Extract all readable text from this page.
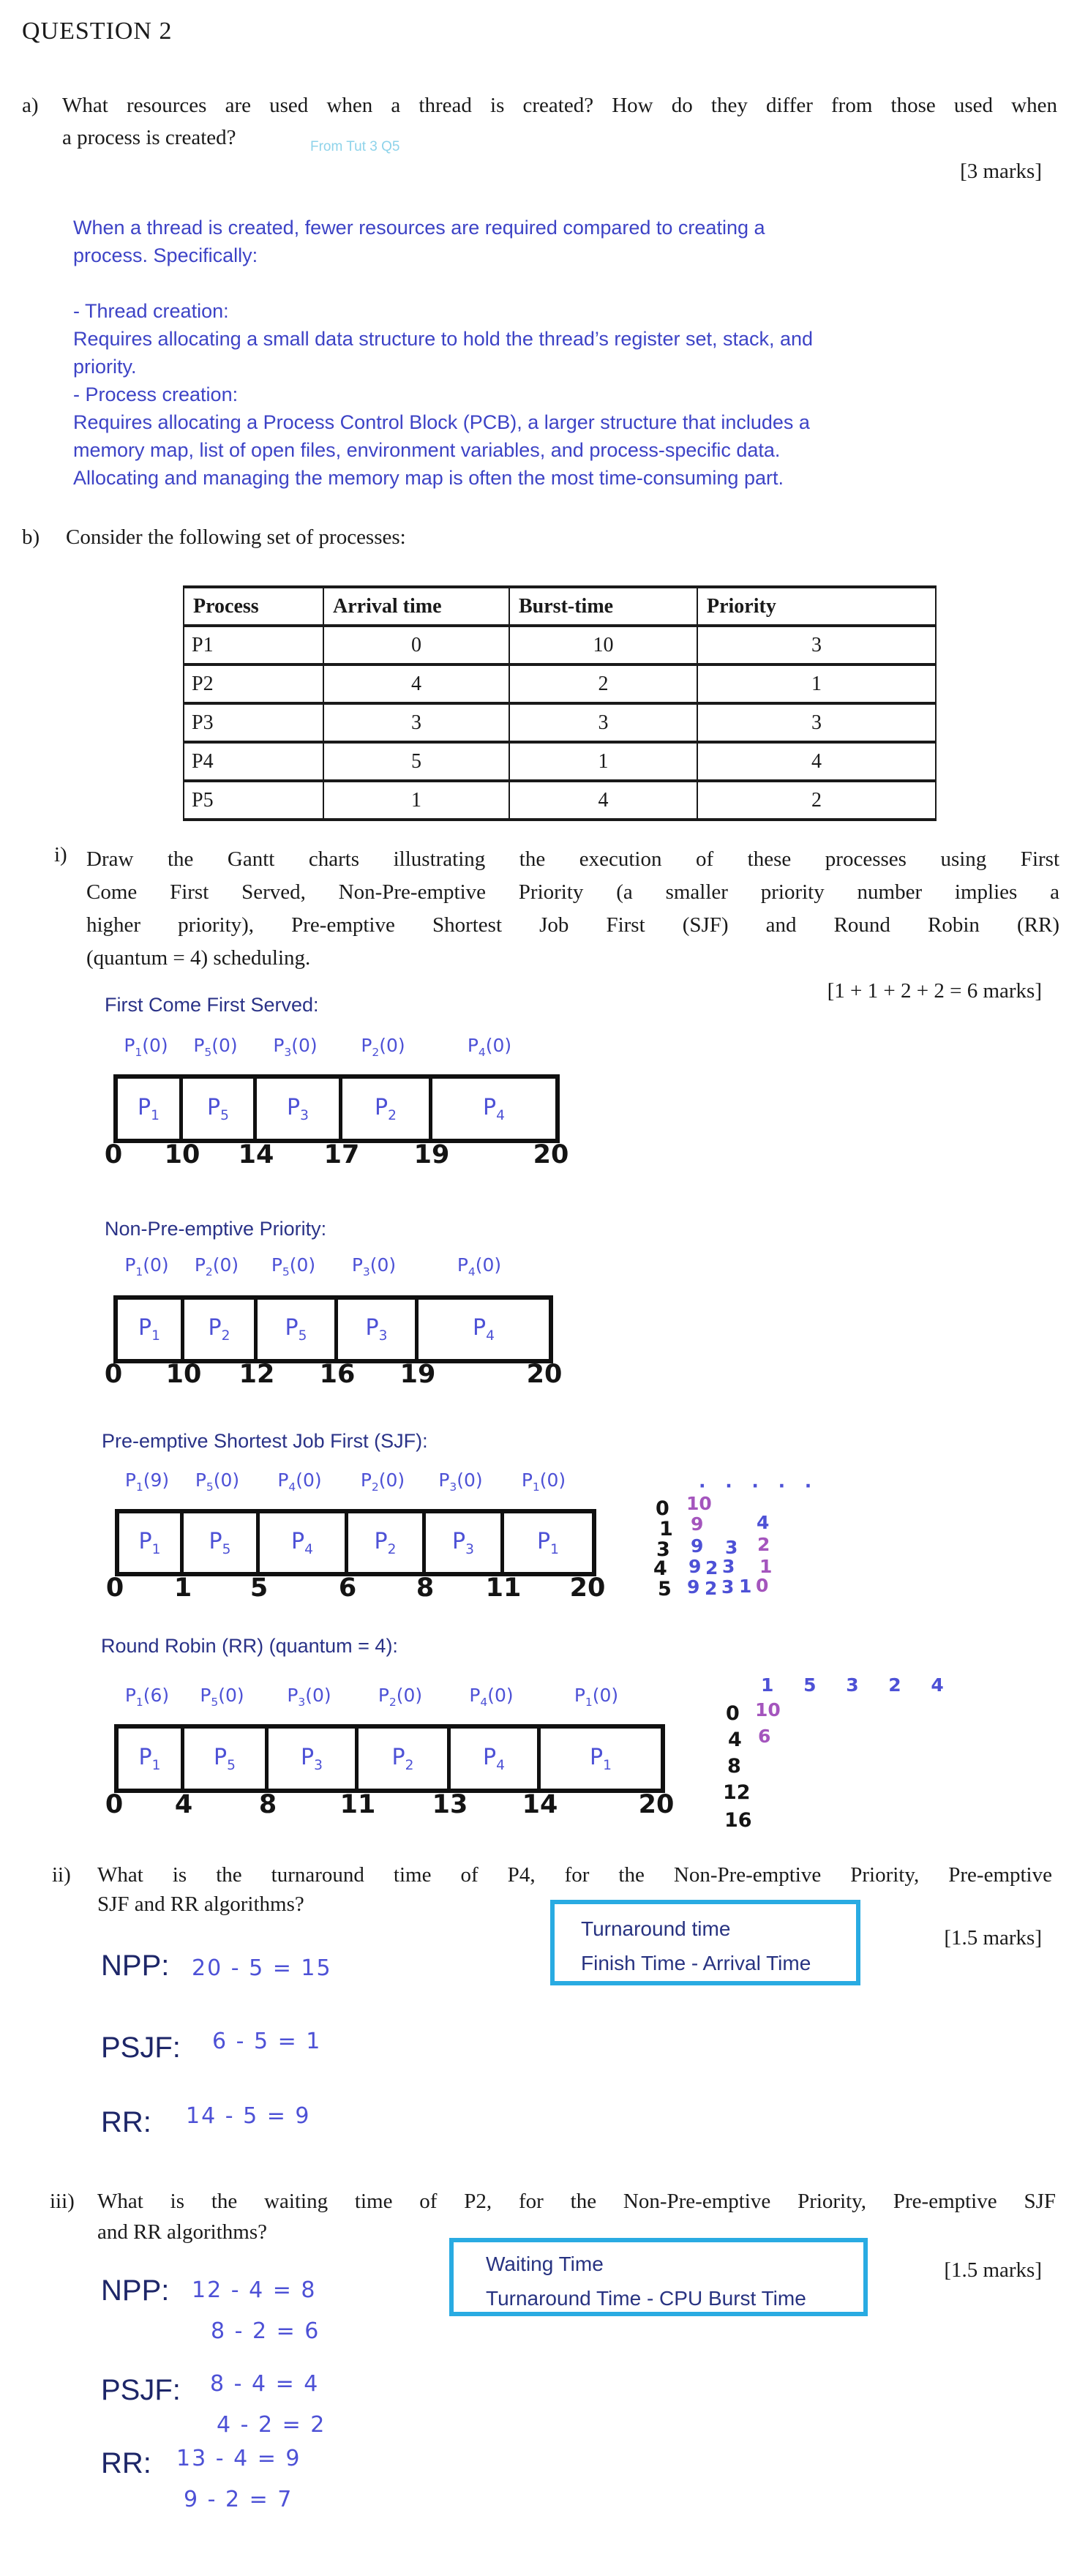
QUESTION 2
a) What resources are used when a thread is created? How do they differ from those used when
a process is created?	From Tut 3 Q5
[3 marks]
When a thread is created, fewer resources are required compared to creating a
process. Specifically:
- Thread creation:
Requires allocating a small data structure to hold the thread’s register set, stack, and
priority.
- Process creation:
Requires allocating a Process Control Block (PCB), a larger structure that includes a
memory map, list of open files, environment variables, and process-specific data.
Allocating and managing the memory map is often the most time-consuming part.
b) Consider the following set of processes:
Process	Arrival time	Burst-time	Priority
P1	0	10	3
P2	4	2	1
P3	3	3	3
P4	5	1	4
P5	1	4	2
i) Draw the Gantt charts illustrating the execution of these processes using First
Come First Served, Non-Pre-emptive Priority (a smaller priority number implies a
higher priority), Pre-emptive Shortest Job First (SJF) and Round Robin (RR)
(quantum = 4) scheduling.
[1 + 1 + 2 + 2 = 6 marks]
First Come First Served:
$P_1(0)$	$P_5(0)$	$P_3(0)$	$P_2(0)$	$P_4(0)$
$P_1$ $P_5$	$P_3$	$P_2$	$P_4$
0 10 14 17 19	20
Non-Pre-emptive Priority:
$P_1(0)$	$P_2(0)$	$P_5(0)$	$P_3(0)$	$P_4(0)$
$P_1$ $P_2$	$P_5$	$P_3$	$P_4$
0 10 12 16 19	20
Pre-emptive Shortest Job First (SJF):
$P_1(9)$	$P_5(0)$	$P_4(0)$	$P_2(0)$	$P_3(0)$	$P_1(0)$
$P_1$ $P_5$	$P_4$	$P_2$	$P_3$	$P_1$
0 1 5	6 8 11 20
· · · · ·
0 10
1 9	4
3 9 3 2
4 9 2 3 1
5 9 2 3 1 0
Round Robin (RR) (quantum = 4):
$P_1(6)$	$P_5(0)$	$P_3(0)$	$P_2(0)$	$P_4(0)$	$P_1(0)$
$P_1$ $P_5$	$P_3$	$P_2$	$P_4$	$P_1$
0 4	8 11 13 14	20
1 5 3 2 4
0 10
4 6
8
12
16
ii) What is the turnaround time of P4, for the Non-Pre-emptive Priority, Pre-emptive
SJF and RR algorithms?
Turnaround time
Finish Time - Arrival Time
[1.5 marks]
NPP: 20 - 5 = 15
PSJF: 6 - 5 = 1
RR: 14 - 5 = 9
iii) What is the waiting time of P2, for the Non-Pre-emptive Priority, Pre-emptive SJF
and RR algorithms?
Waiting Time
Turnaround Time - CPU Burst Time
[1.5 marks]
NPP: 12 - 4 = 8
8 - 2 = 6
PSJF: 8 - 4 = 4
4 - 2 = 2
RR: 13 - 4 = 9
9 - 2 = 7
